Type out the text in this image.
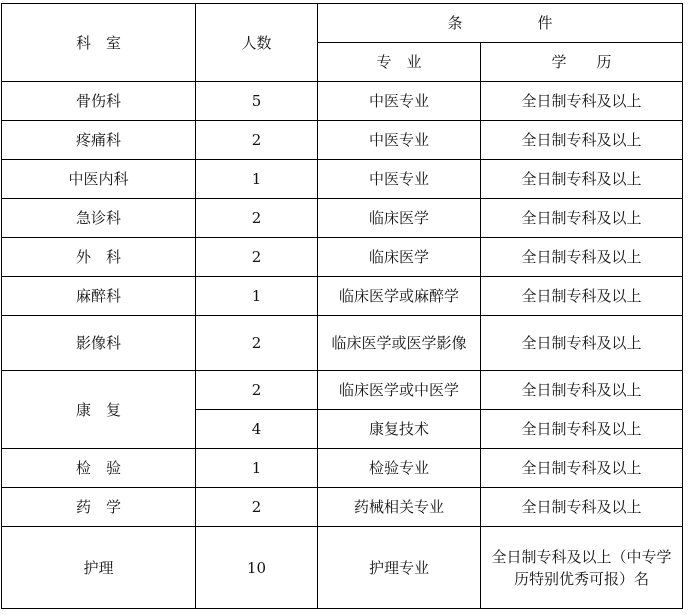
科　室	人数	条　　　　　件	
		专　业	学　　历
骨伤科	5	中医专业	全日制专科及以上
疼痛科	2	中医专业	全日制专科及以上
中医内科	1	中医专业	全日制专科及以上
急诊科	2	临床医学	全日制专科及以上
外　科	2	临床医学	全日制专科及以上
麻醉科	1	临床医学或麻醉学	全日制专科及以上
影像科	2	临床医学或医学影像	全日制专科及以上
康　复	2	临床医学或中医学	全日制专科及以上
	4	康复技术	全日制专科及以上
检　验	1	检验专业	全日制专科及以上
药　学	2	药械相关专业	全日制专科及以上
护理	10	护理专业	全日制专科及以上（中专学历特别优秀可报）名
